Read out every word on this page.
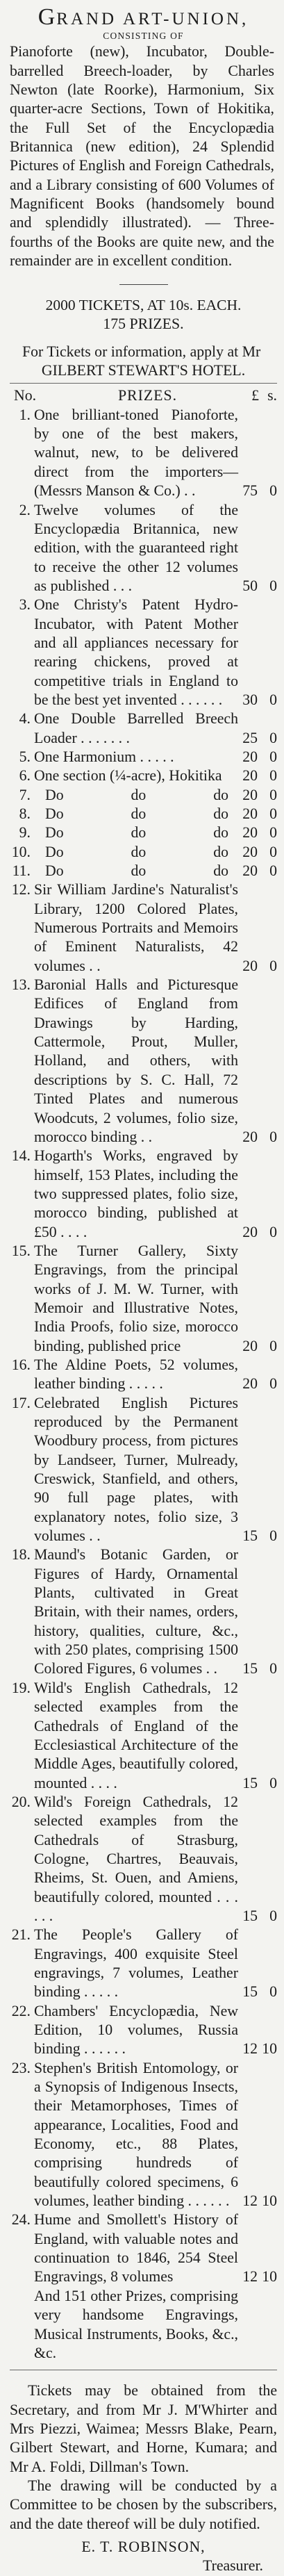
GRAND ART-UNION,
CONSISTING OF

Pianoforte (new), Incubator, Double-barrelled Breech-loader, by Charles Newton (late Roorke), Harmonium, Six quarter-acre Sections, Town of Hokitika, the Full Set of the Encyclopædia Britannica (new edition), 24 Splendid Pictures of English and Foreign Cathedrals, and a Library consisting of 600 Volumes of Magnificent Books (handsomely bound and splendidly illustrated). — Three-fourths of the Books are quite new, and the remainder are in excellent condition.

2000 TICKETS, AT 10s. EACH.

175 PRIZES.

For Tickets or information, apply at Mr

GILBERT STEWART'S HOTEL.

No.	PRIZES.	£ s.
1. One brilliant-toned Pianoforte, by one of the best makers, walnut, new, to be delivered direct from the importers—(Messrs Manson & Co.) . .	75 0
2. Twelve volumes of the Encyclopædia Britannica, new edition, with the guaranteed right to receive the other 12 volumes as published . . .	50 0
3. One Christy's Patent Hydro-Incubator, with Patent Mother and all appliances necessary for rearing chickens, proved at competitive trials in England to be the best yet invented . . . . . .	30 0
4. One Double Barrelled Breech Loader . . . . . . .	25 0
5. One Harmonium . . . . .	20 0
6. One section (¼-acre), Hokitika	20 0
7. Do	do	do 20 0
8. Do	do	do 20 0
9. Do	do	do 20 0
10. Do	do	do 20 0
11. Do	do	do 20 0
12. Sir William Jardine's Naturalist's Library, 1200 Colored Plates, Numerous Portraits and Memoirs of Eminent Naturalists, 42 volumes . .	20 0
13. Baronial Halls and Picturesque Edifices of England from Drawings by Harding, Cattermole, Prout, Muller, Holland, and others, with descriptions by S. C. Hall, 72 Tinted Plates and numerous Woodcuts, 2 volumes, folio size, morocco binding . .	20 0
14. Hogarth's Works, engraved by himself, 153 Plates, including the two suppressed plates, folio size, morocco binding, published at £50 . . . .	20 0
15. The Turner Gallery, Sixty Engravings, from the principal works of J. M. W. Turner, with Memoir and Illustrative Notes, India Proofs, folio size, morocco binding, published price	20 0
16. The Aldine Poets, 52 volumes, leather binding . . . . .	20 0
17. Celebrated English Pictures reproduced by the Permanent Woodbury process, from pictures by Landseer, Turner, Mulready, Creswick, Stanfield, and others, 90 full page plates, with explanatory notes, folio size, 3 volumes . .	15 0
18. Maund's Botanic Garden, or Figures of Hardy, Ornamental Plants, cultivated in Great Britain, with their names, orders, history, qualities, culture, &c., with 250 plates, comprising 1500 Colored Figures, 6 volumes . .	15 0
19. Wild's English Cathedrals, 12 selected examples from the Cathedrals of England of the Ecclesiastical Architecture of the Middle Ages, beautifully colored, mounted . . . .	15 0
20. Wild's Foreign Cathedrals, 12 selected examples from the Cathedrals of Strasburg, Cologne, Chartres, Beauvais, Rheims, St. Ouen, and Amiens, beautifully colored, mounted . . . . . .	15 0
21. The People's Gallery of Engravings, 400 exquisite Steel engravings, 7 volumes, Leather binding . . . . .	15 0
22. Chambers' Encyclopædia, New Edition, 10 volumes, Russia binding . . . . . .	12 10
23. Stephen's British Entomology, or a Synopsis of Indigenous Insects, their Metamorphoses, Times of appearance, Localities, Food and Economy, etc., 88 Plates, comprising hundreds of beautifully colored specimens, 6 volumes, leather binding . . . . . . 12 10
24. Hume and Smollett's History of England, with valuable notes and continuation to 1846, 254 Steel Engravings, 8 volumes	12 10
And 151 other Prizes, comprising very handsome Engravings, Musical Instruments, Books, &c., &c.

Tickets may be obtained from the Secretary, and from Mr J. M'Whirter and Mrs Piezzi, Waimea; Messrs Blake, Pearn, Gilbert Stewart, and Horne, Kumara; and Mr A. Foldi, Dillman's Town.

The drawing will be conducted by a Committee to be chosen by the subscribers, and the date thereof will be duly notified.

E. T. ROBINSON,

Treasurer.
